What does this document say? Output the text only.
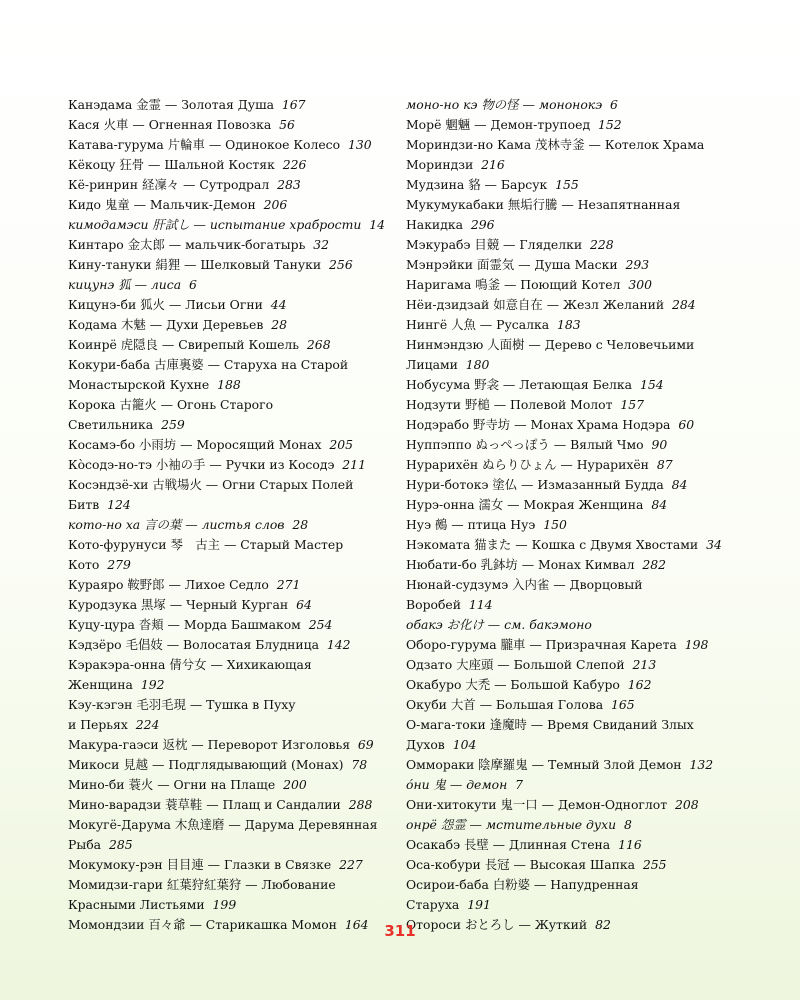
Канэдама 金霊 — Золотая Душа 167

Кася 火車 — Огненная Повозка 56

Катава-гурума 片輪車 — Одинокое Колесо 130

Кёкоцу 狂骨 — Шальной Костяк 226

Кё-ринрин 経凜々 — Сутродрал 283

Кидо 鬼童 — Мальчик-Демон 206

кимодамэси 肝試し — испытание храбрости 14

Кинтаро 金太郎 — мальчик-богатырь 32

Кину-тануки 絹狸 — Шелковый Тануки 256

кицунэ 狐 — лиса 6

Кицунэ-би 狐火 — Лисьи Огни 44

Кодама 木魅 — Духи Деревьев 28

Коинрё 虎隠良 — Свирепый Кошель 268

Кокури-баба 古庫裏婆 — Старуха на Старой
Монастырской Кухне 188

Корока 古籠火 — Огонь Старого
Светильника 259

Косамэ-бо 小雨坊 — Моросящий Монах 205

Кòсодэ-но-тэ 小袖の手 — Ручки из Косодэ 211

Косэндзё-хи 古戦場火 — Огни Старых Полей
Битв 124

кото-но ха 言の葉 — листья слов 28

Кото-фурунуси 琴　古主 — Старый Мастер
Кото 279

Кураяро 鞍野郎 — Лихое Седло 271

Куродзука 黒塚 — Черный Курган 64

Куцу-цура 沓頬 — Морда Башмаком 254

Кэдзёро 毛倡妓 — Волосатая Блудница 142

Кэракэра-онна 倩兮女 — Хихикающая
Женщина 192

Кэу-кэгэн 毛羽毛現 — Тушка в Пуху
и Перьях 224

Макура-гаэси 返枕 — Переворот Изголовья 69

Микоси 見越 — Подглядывающий (Монах) 78

Мино-би 蓑火 — Огни на Плаще 200

Мино-варадзи 蓑草鞋 — Плащ и Сандалии 288

Мокугё-Дарума 木魚達磨 — Дарума Деревянная
Рыба 285

Мокумоку-рэн 目目連 — Глазки в Связке 227

Момидзи-гари 紅葉狩紅葉狩 — Любование
Красными Листьями 199

Момондзии 百々爺 — Старикашка Момон 164

моно-но кэ 物の怪 — мононокэ 6

Морё 魍魎 — Демон-трупоед 152

Мориндзи-но Кама 茂林寺釜 — Котелок Храма
Мориндзи 216

Мудзина 貉 — Барсук 155

Мукумукабаки 無垢行騰 — Незапятнанная
Накидка 296

Мэкурабэ 目競 — Гляделки 228

Мэнрэйки 面霊気 — Душа Маски 293

Наригама 鳴釜 — Поющий Котел 300

Нёи-дзидзай 如意自在 — Жезл Желаний 284

Нингё 人魚 — Русалка 183

Нинмэндзю 人面樹 — Дерево с Человечьими
Лицами 180

Нобусума 野衾 — Летающая Белка 154

Нодзути 野槌 — Полевой Молот 157

Нодэрабо 野寺坊 — Монах Храма Нодэра 60

Нуппэппо ぬっぺっぽう — Вялый Чмо 90

Нурарихён ぬらりひょん — Нурарихён 87

Нури-ботокэ 塗仏 — Измазанный Будда 84

Нурэ-онна 濡女 — Мокрая Женщина 84

Нуэ 鵺 — птица Нуэ 150

Нэкомата 猫また — Кошка с Двумя Хвостами 34

Нюбати-бо 乳鉢坊 — Монах Кимвал 282

Нюнай-судзумэ 入内雀 — Дворцовый
Воробей 114

обакэ お化け — см. бакэмоно

Оборо-гурума 朧車 — Призрачная Карета 198

Одзато 大座頭 — Большой Слепой 213

Окабуро 大禿 — Большой Кабуро 162

Окуби 大首 — Большая Голова 165

О-мага-токи 逢魔時 — Время Свиданий Злых
Духов 104

Оммораки 陰摩羅鬼 — Темный Злой Демон 132

óни 鬼 — демон 7

Они-хитокути 鬼一口 — Демон-Одноглот 208

онрё 怨霊 — мстительные духи 8

Осакабэ 長壁 — Длинная Стена 116

Оса-кобури 長冠 — Высокая Шапка 255

Осирои-баба 白粉婆 — Напудренная
Старуха 191

Отороси おとろし — Жуткий 82

311
